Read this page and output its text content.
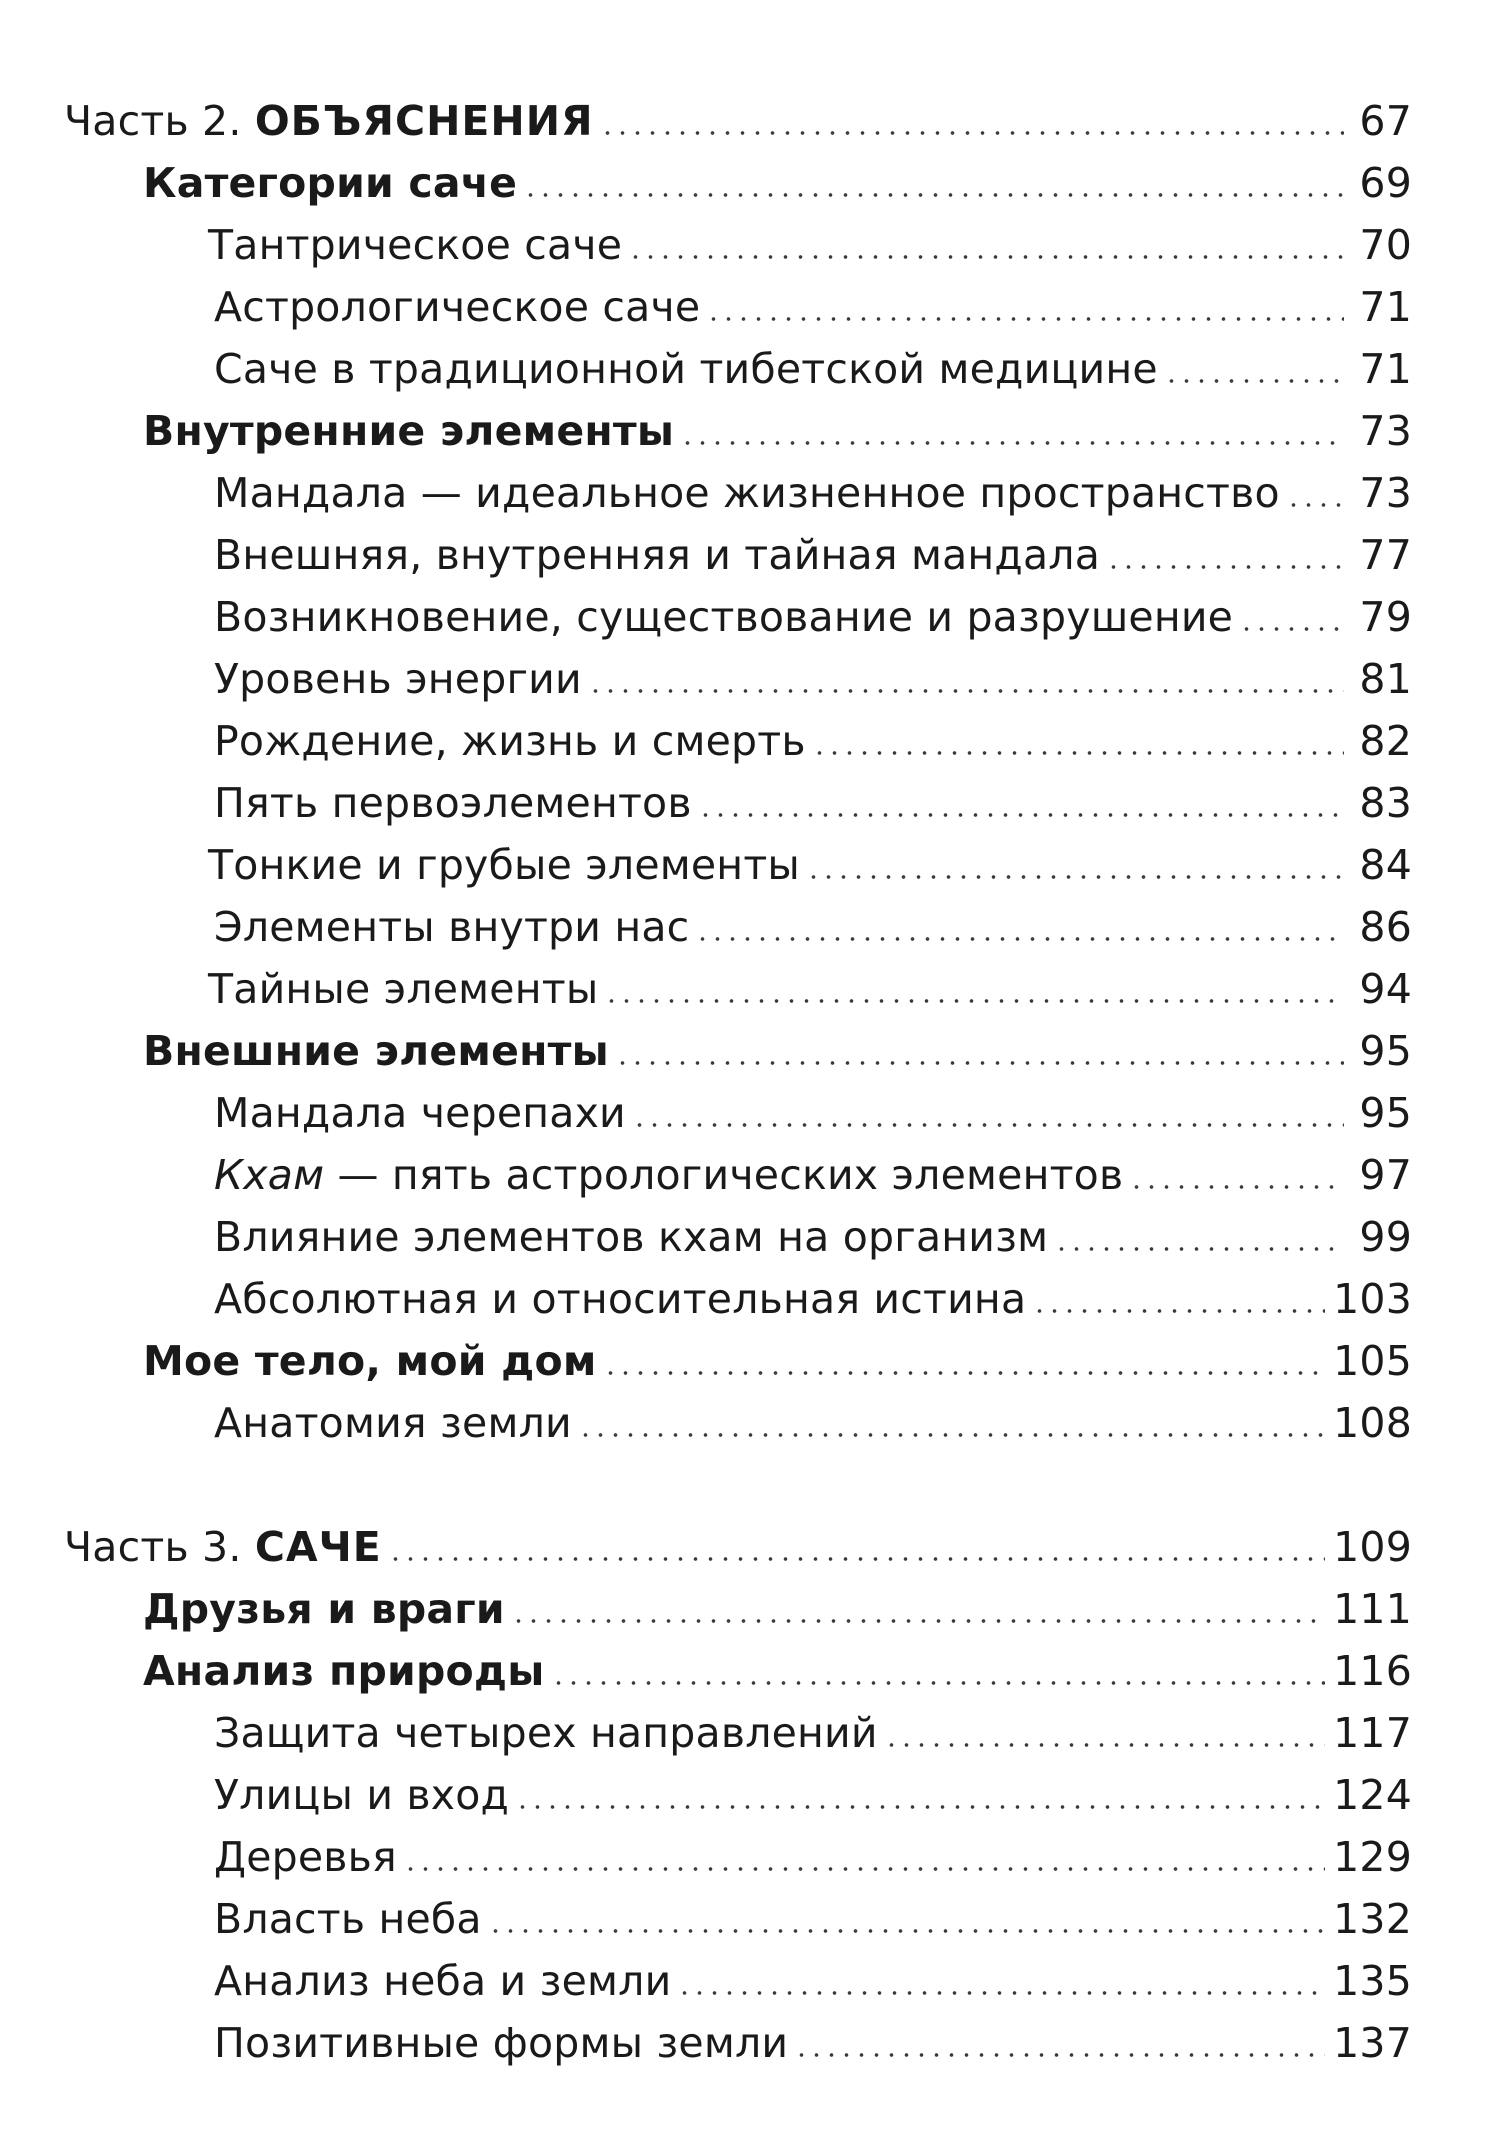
Часть 2. ОБЪЯСНЕНИЯ	67
Категории саче	69
Тантрическое саче	70
Астрологическое саче	71
Саче в традиционной тибетской медицине	71
Внутренние элементы	73
Мандала — идеальное жизненное пространство 73
Внешняя, внутренняя и тайная мандала	77
Возникновение, существование и разрушение	79
Уровень энергии	81
Рождение, жизнь и смерть	82
Пять первоэлементов	83
Тонкие и грубые элементы	84
Элементы внутри нас	86
Тайные элементы	94
Внешние элементы	95
Мандала черепахи	95
Кхам — пять астрологических элементов	97
Влияние элементов кхам на организм	99
Абсолютная и относительная истина	103
Мое тело, мой дом	105
Анатомия земли	108
Часть 3. САЧЕ	109
Друзья и враги	111
Анализ природы	116
Защита четырех направлений	117
Улицы и вход	124
Деревья	129
Власть неба	132
Анализ неба и земли	135
Позитивные формы земли	137
